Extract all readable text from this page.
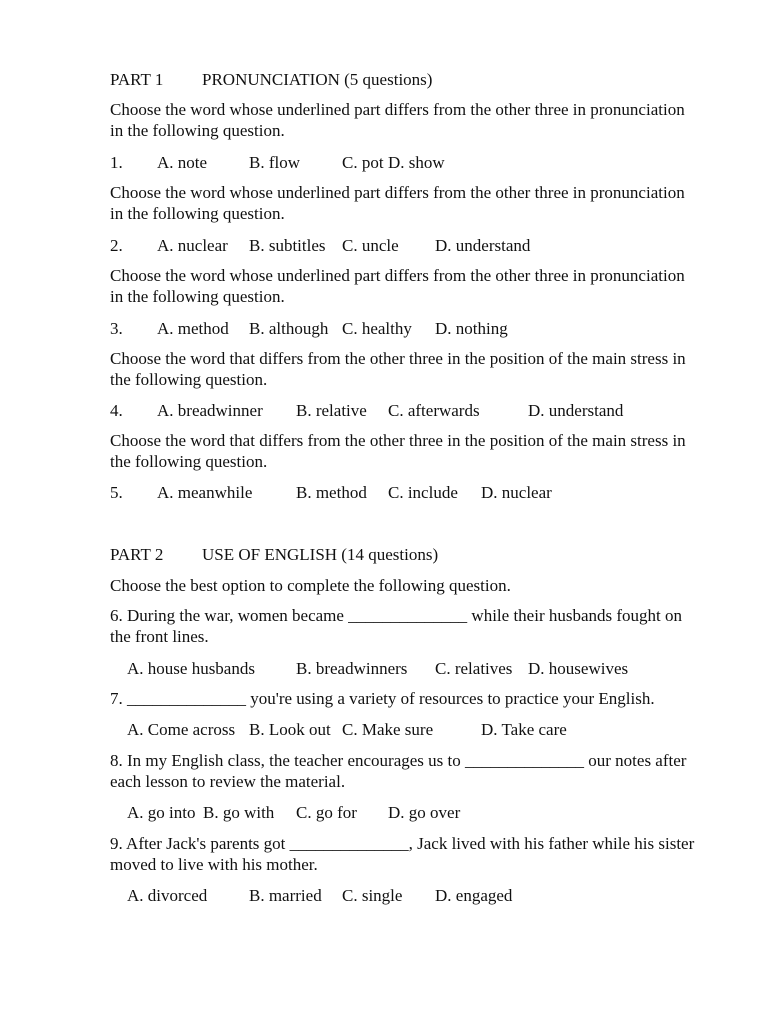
PART 1 PRONUNCIATION (5 questions)
Choose the word whose underlined part differs from the other three in pronunciation in the following question.
1. A. note B. flow C. pot D. show
Choose the word whose underlined part differs from the other three in pronunciation in the following question.
2. A. nuclear B. subtitles C. uncle D. understand
Choose the word whose underlined part differs from the other three in pronunciation in the following question.
3. A. method B. although C. healthy D. nothing
Choose the word that differs from the other three in the position of the main stress in the following question.
4. A. breadwinner B. relative C. afterwards	D. understand
Choose the word that differs from the other three in the position of the main stress in the following question.
5. A. meanwhile	B. method C. include D. nuclear
PART 2 USE OF ENGLISH (14 questions)
Choose the best option to complete the following question.
6. During the war, women became ______________ while their husbands fought on the front lines.
A. house husbands B. breadwinners C. relatives D. housewives
7. ______________ you're using a variety of resources to practice your English.
A. Come across B. Look out C. Make sure	D. Take care
8. In my English class, the teacher encourages us to ______________ our notes after each lesson to review the material.
A. go into B. go with C. go for D. go over
9. After Jack's parents got ______________, Jack lived with his father while his sister moved to live with his mother.
A. divorced B. married C. single D. engaged
